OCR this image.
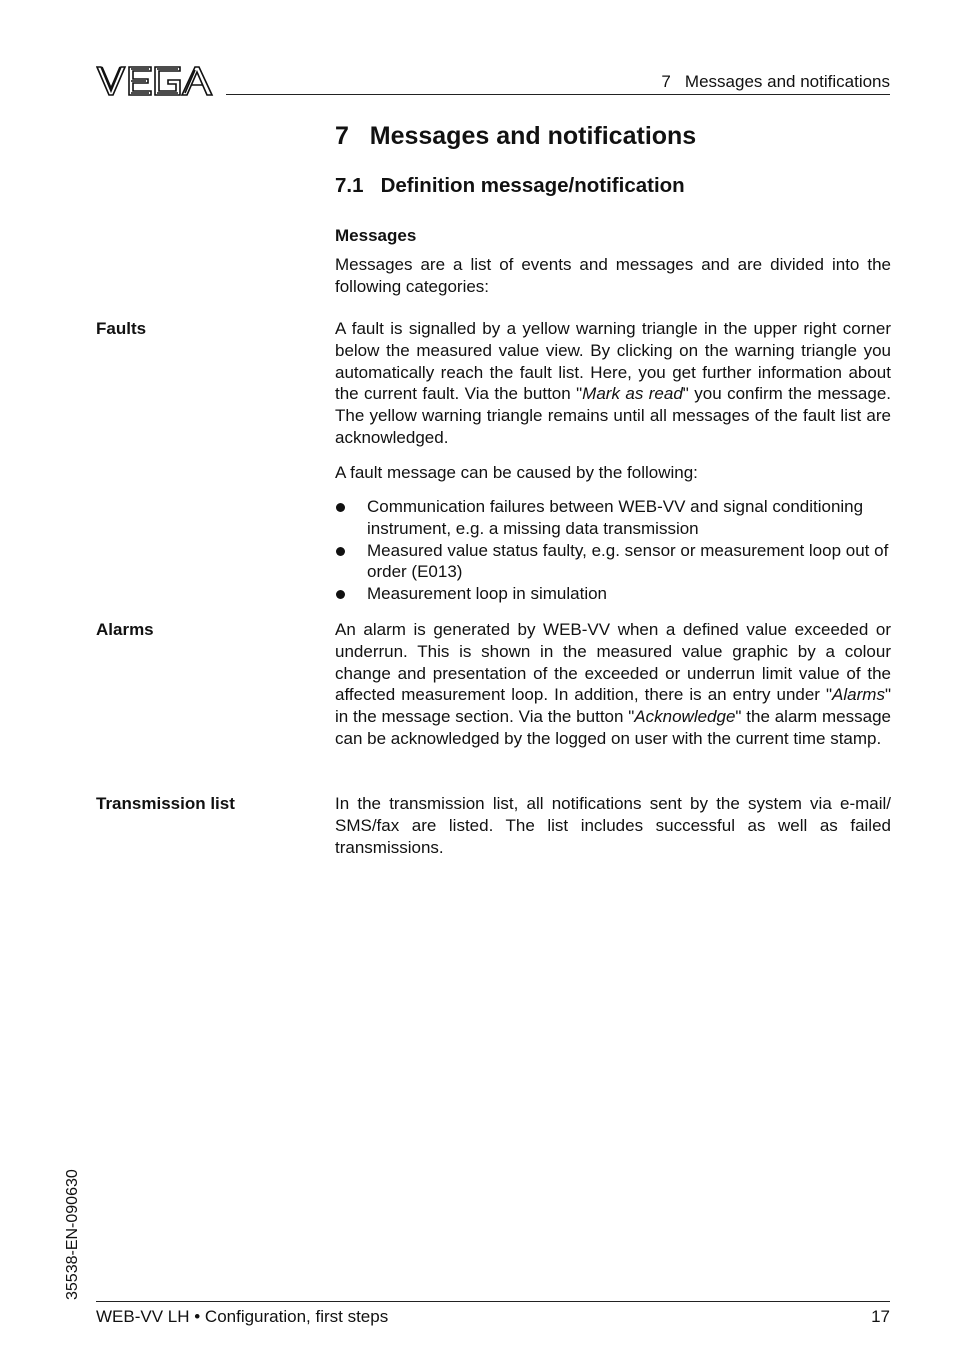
7   Messages and notifications
7   Messages and notifications
7.1   Definition message/notification
Messages

Messages are a list of events and messages and are divided into the following categories:

Faults	A fault is signalled by a yellow warning triangle in the upper right corner below the measured value view. By clicking on the warning triangle you automatically reach the fault list. Here, you get further information about the current fault. Via the button "Mark as read" you confirm the message. The yellow warning triangle remains until all messages of the fault list are acknowledged.

A fault message can be caused by the following:

Communication failures between WEB-VV and signal conditioning instrument, e.g. a missing data transmission
Measured value status faulty, e.g. sensor or measurement loop out of order (E013)
Measurement loop in simulation
Alarms	An alarm is generated by WEB-VV when a defined value exceeded or underrun. This is shown in the measured value graphic by a colour change and presentation of the exceeded or underrun limit value of the affected measurement loop. In addition, there is an entry under "Alarms" in the message section. Via the button "Acknowledge" the alarm message can be acknowledged by the logged on user with the current time stamp.

Transmission list	In the transmission list, all notifications sent by the system via e-mail/ SMS/fax are listed. The list includes successful as well as failed transmissions.

35538-EN-090630
WEB-VV LH • Configuration, first steps	17
